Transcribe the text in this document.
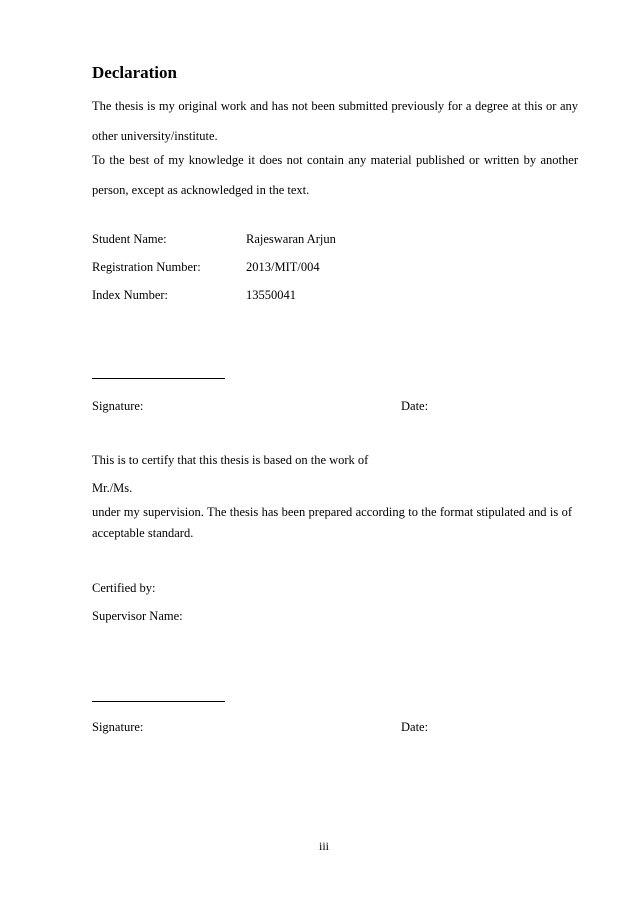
Declaration
The thesis is my original work and has not been submitted previously for a degree at this or any other university/institute.
To the best of my knowledge it does not contain any material published or written by another person, except as acknowledged in the text.
Student Name:	Rajeswaran Arjun
Registration Number:	2013/MIT/004
Index Number:	13550041
Signature:	Date:
This is to certify that this thesis is based on the work of
Mr./Ms.
under my supervision. The thesis has been prepared according to the format stipulated and is of acceptable standard.
Certified by:
Supervisor Name:
Signature:	Date:
iii
